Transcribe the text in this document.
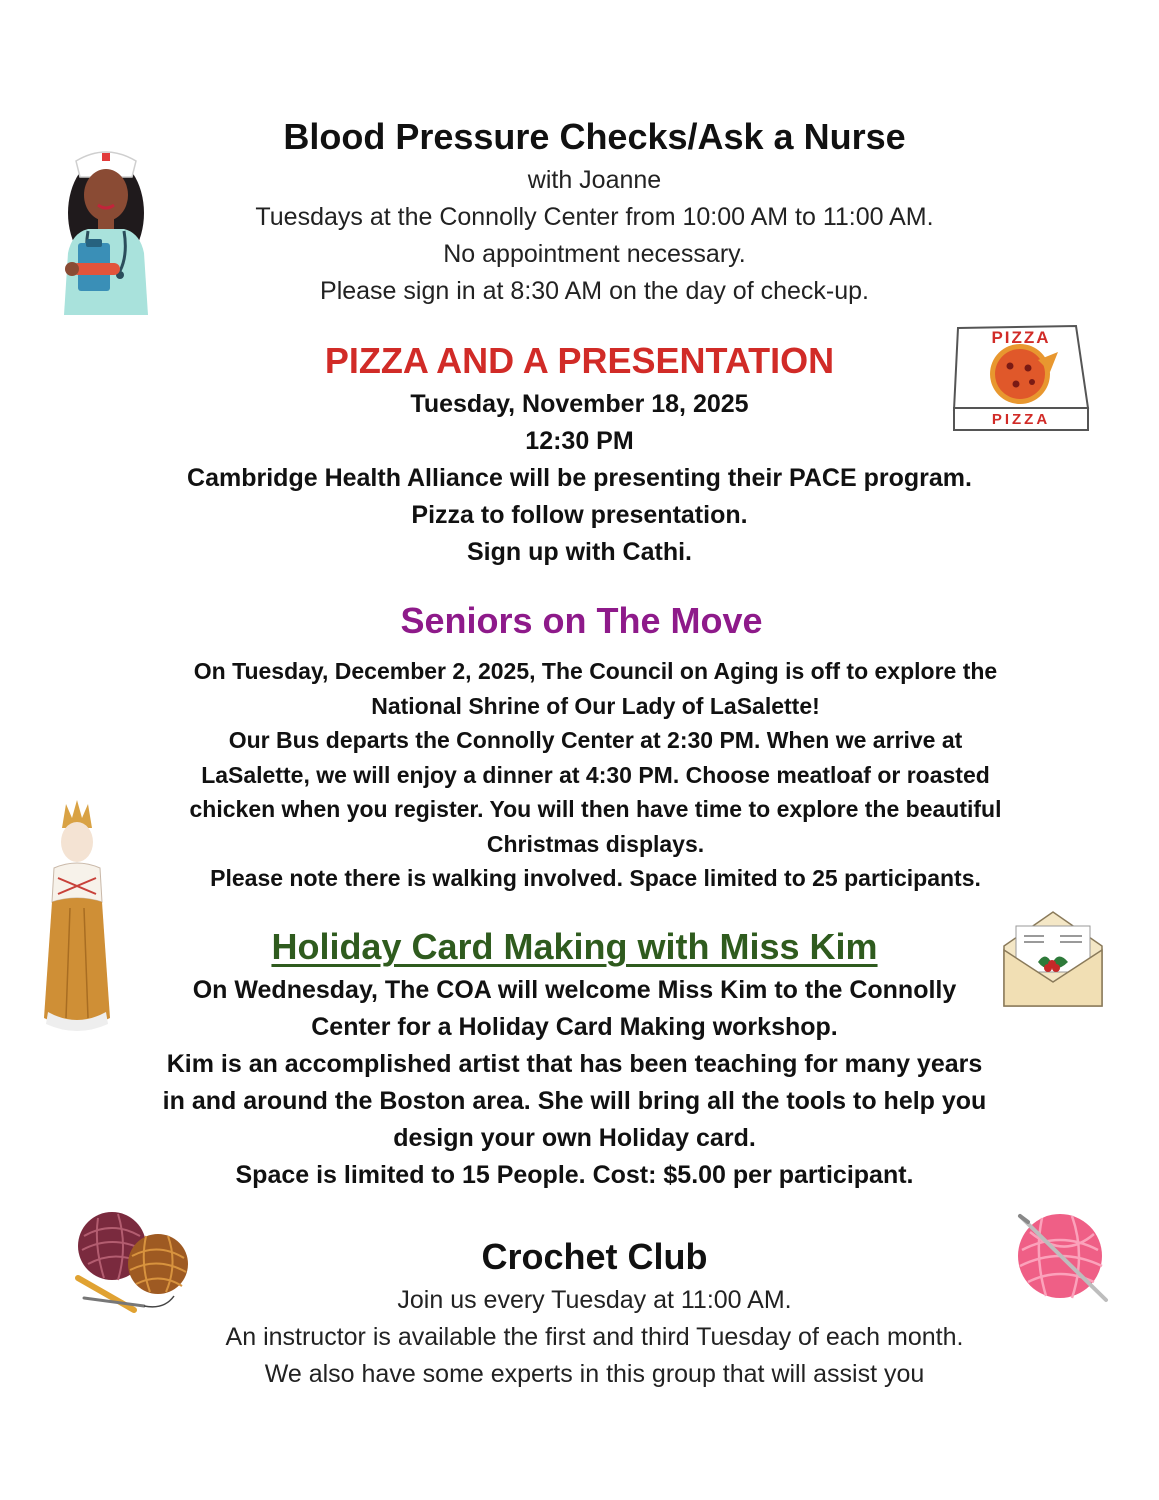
Blood Pressure Checks/Ask a Nurse
with Joanne
Tuesdays at the Connolly Center from 10:00 AM to 11:00 AM.
No appointment necessary.
Please sign in at 8:30 AM on the day of check-up.
PIZZA AND A PRESENTATION
Tuesday, November 18, 2025
12:30 PM
Cambridge Health Alliance will be presenting their PACE program.
Pizza to follow presentation.
Sign up with Cathi.
PIZZA
PIZZA
Seniors on The Move
On Tuesday, December 2, 2025, The Council on Aging is off to explore the
National Shrine of Our Lady of LaSalette!
Our Bus departs the Connolly Center at 2:30 PM. When we arrive at
LaSalette, we will enjoy a dinner at 4:30 PM. Choose meatloaf or roasted
chicken when you register. You will then have time to explore the beautiful
Christmas displays.
Please note there is walking involved. Space limited to 25 participants.
Holiday Card Making with Miss Kim
On Wednesday, The COA will welcome Miss Kim to the Connolly
Center for a Holiday Card Making workshop.
Kim is an accomplished artist that has been teaching for many years
in and around the Boston area. She will bring all the tools to help you
design your own Holiday card.
Space is limited to 15 People. Cost: $5.00 per participant.
Crochet Club
Join us every Tuesday at 11:00 AM.
An instructor is available the first and third Tuesday of each month.
We also have some experts in this group that will assist you
